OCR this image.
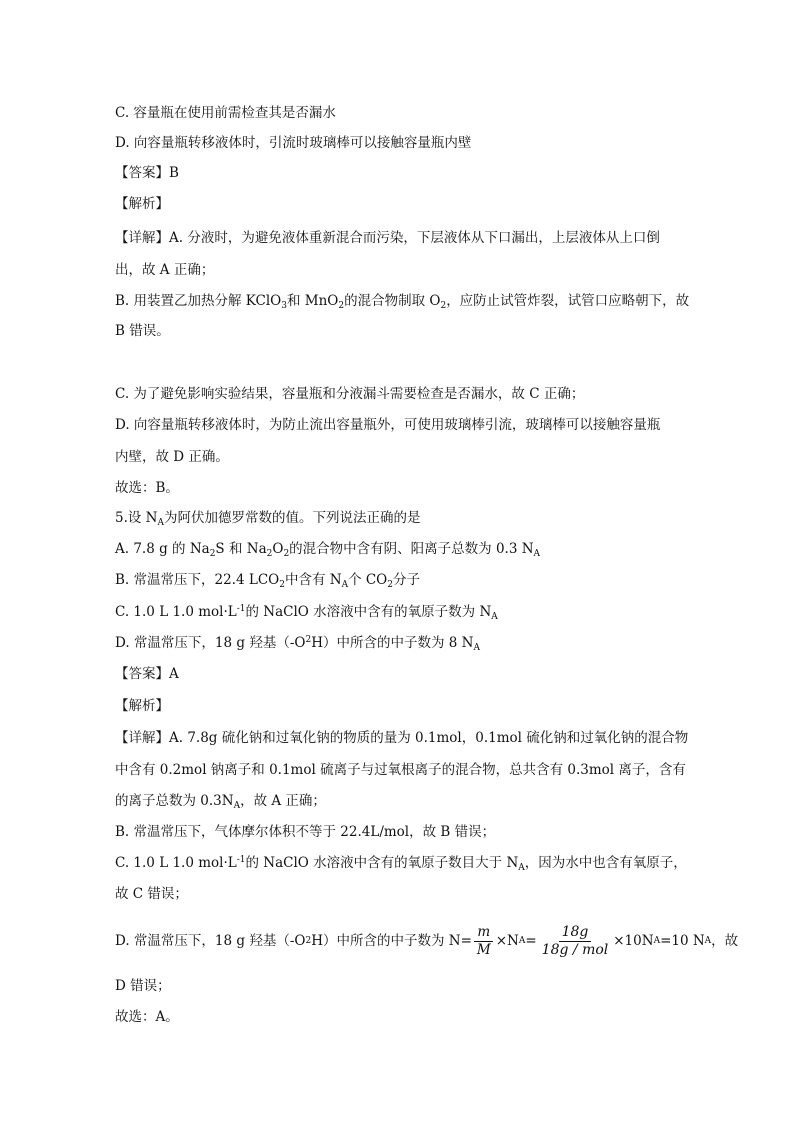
C. 容量瓶在使用前需检查其是否漏水
D. 向容量瓶转移液体时，引流时玻璃棒可以接触容量瓶内壁
【答案】B
【解析】
【详解】A. 分液时，为避免液体重新混合而污染，下层液体从下口漏出，上层液体从上口倒
出，故 A 正确；
B. 用装置乙加热分解 KClO$_3$和 MnO$_2$的混合物制取 $O_2$，应防止试管炸裂，试管口应略朝下，故
B 错误。
C. 为了避免影响实验结果，容量瓶和分液漏斗需要检查是否漏水，故 C 正确；
D. 向容量瓶转移液体时，为防止流出容量瓶外，可使用玻璃棒引流，玻璃棒可以接触容量瓶
内壁，故 D 正确。
故选：B。
5.设 $N_A$为阿伏加德罗常数的值。下列说法正确的是
A. 7.8 g 的 $Na_2S$ 和 $Na_2O_2$的混合物中含有阴、阳离子总数为 0.3 $N_A$
B. 常温常压下，22.4 $LCO_2$中含有 $N_A$个 $CO_2$分子
C. 1.0 L 1.0 $mol\cdot L^{-1}$的 NaClO 水溶液中含有的氧原子数为 $N_A$
D. 常温常压下，18 g 羟基$(-O^2H)$中所含的中子数为 8 $N_A$
【答案】A
【解析】
【详解】A. 7.8g 硫化钠和过氧化钠的物质的量为 0.1mol，0.1mol 硫化钠和过氧化钠的混合物
中含有 0.2mol 钠离子和 0.1mol 硫离子与过氧根离子的混合物，总共含有 0.3mol 离子，含有
的离子总数为 $0.3N_A$，故 A 正确；
B. 常温常压下，气体摩尔体积不等于 22.4L/mol，故 B 错误；
C. 1.0 L 1.0 $mol\cdot L^{-1}$的 NaClO 水溶液中含有的氧原子数目大于 $N_A$，因为水中也含有氧原子，
故 C 错误；
D. 常温常压下，18 g 羟基（-O 2 H）中所含的中子数为 $N= \frac{m}{M} \times N$ $A = \frac{18g}{\text{18g / mol}} \times 10N$ A =10 N A ，故
D 错误；
故选：A。
